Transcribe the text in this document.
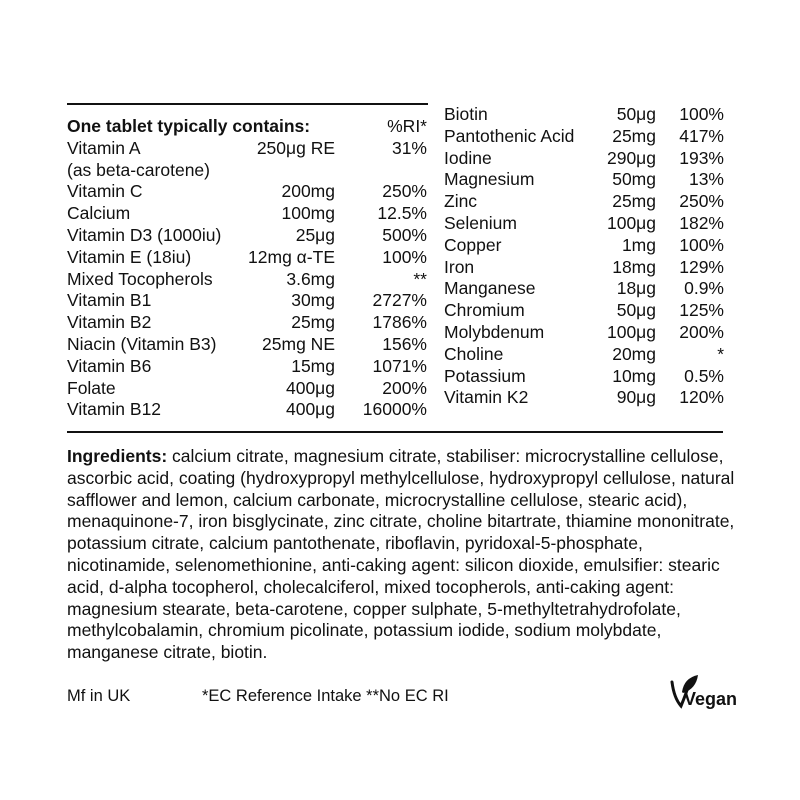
One tablet typically contains:	%RI*
Vitamin A	250μg RE	31%
(as beta-carotene)
Vitamin C	200mg	250%
Calcium	100mg 12.5%
Vitamin D3 (1000iu)	25μg	500%
Vitamin E (18iu)	12mg α-TE	100%
Mixed Tocopherols	3.6mg	**
Vitamin B1	30mg 2727%
Vitamin B2	25mg 1786%
Niacin (Vitamin B3)	25mg NE	156%
Vitamin B6	15mg 1071%
Folate	400μg	200%
Vitamin B12	400μg 16000%
Biotin	50μg 100%
Pantothenic Acid 25mg 417%
Iodine	290μg 193%
Magnesium	50mg 13%
Zinc	25mg 250%
Selenium	100μg 182%
Copper	1mg 100%
Iron	18mg 129%
Manganese	18μg 0.9%
Chromium	50μg 125%
Molybdenum	100μg 200%
Choline	20mg	*
Potassium	10mg 0.5%
Vitamin K2	90μg 120%

Ingredients: calcium citrate, magnesium citrate, stabiliser: microcrystalline cellulose, ascorbic acid, coating (hydroxypropyl methylcellulose, hydroxypropyl cellulose, natural safflower and lemon, calcium carbonate, microcrystalline cellulose, stearic acid), menaquinone-7, iron bisglycinate, zinc citrate, choline bitartrate, thiamine mononitrate, potassium citrate, calcium pantothenate, riboflavin, pyridoxal-5-phosphate, nicotinamide, selenomethionine, anti-caking agent: silicon dioxide, emulsifier: stearic acid, d-alpha tocopherol, cholecalciferol, mixed tocopherols, anti-caking agent: magnesium stearate, beta-carotene, copper sulphate, 5-methyltetrahydrofolate, methylcobalamin, chromium picolinate, potassium iodide, sodium molybdate, manganese citrate, biotin.

Mf in UK	*EC Reference Intake **No EC RI	Vegan
